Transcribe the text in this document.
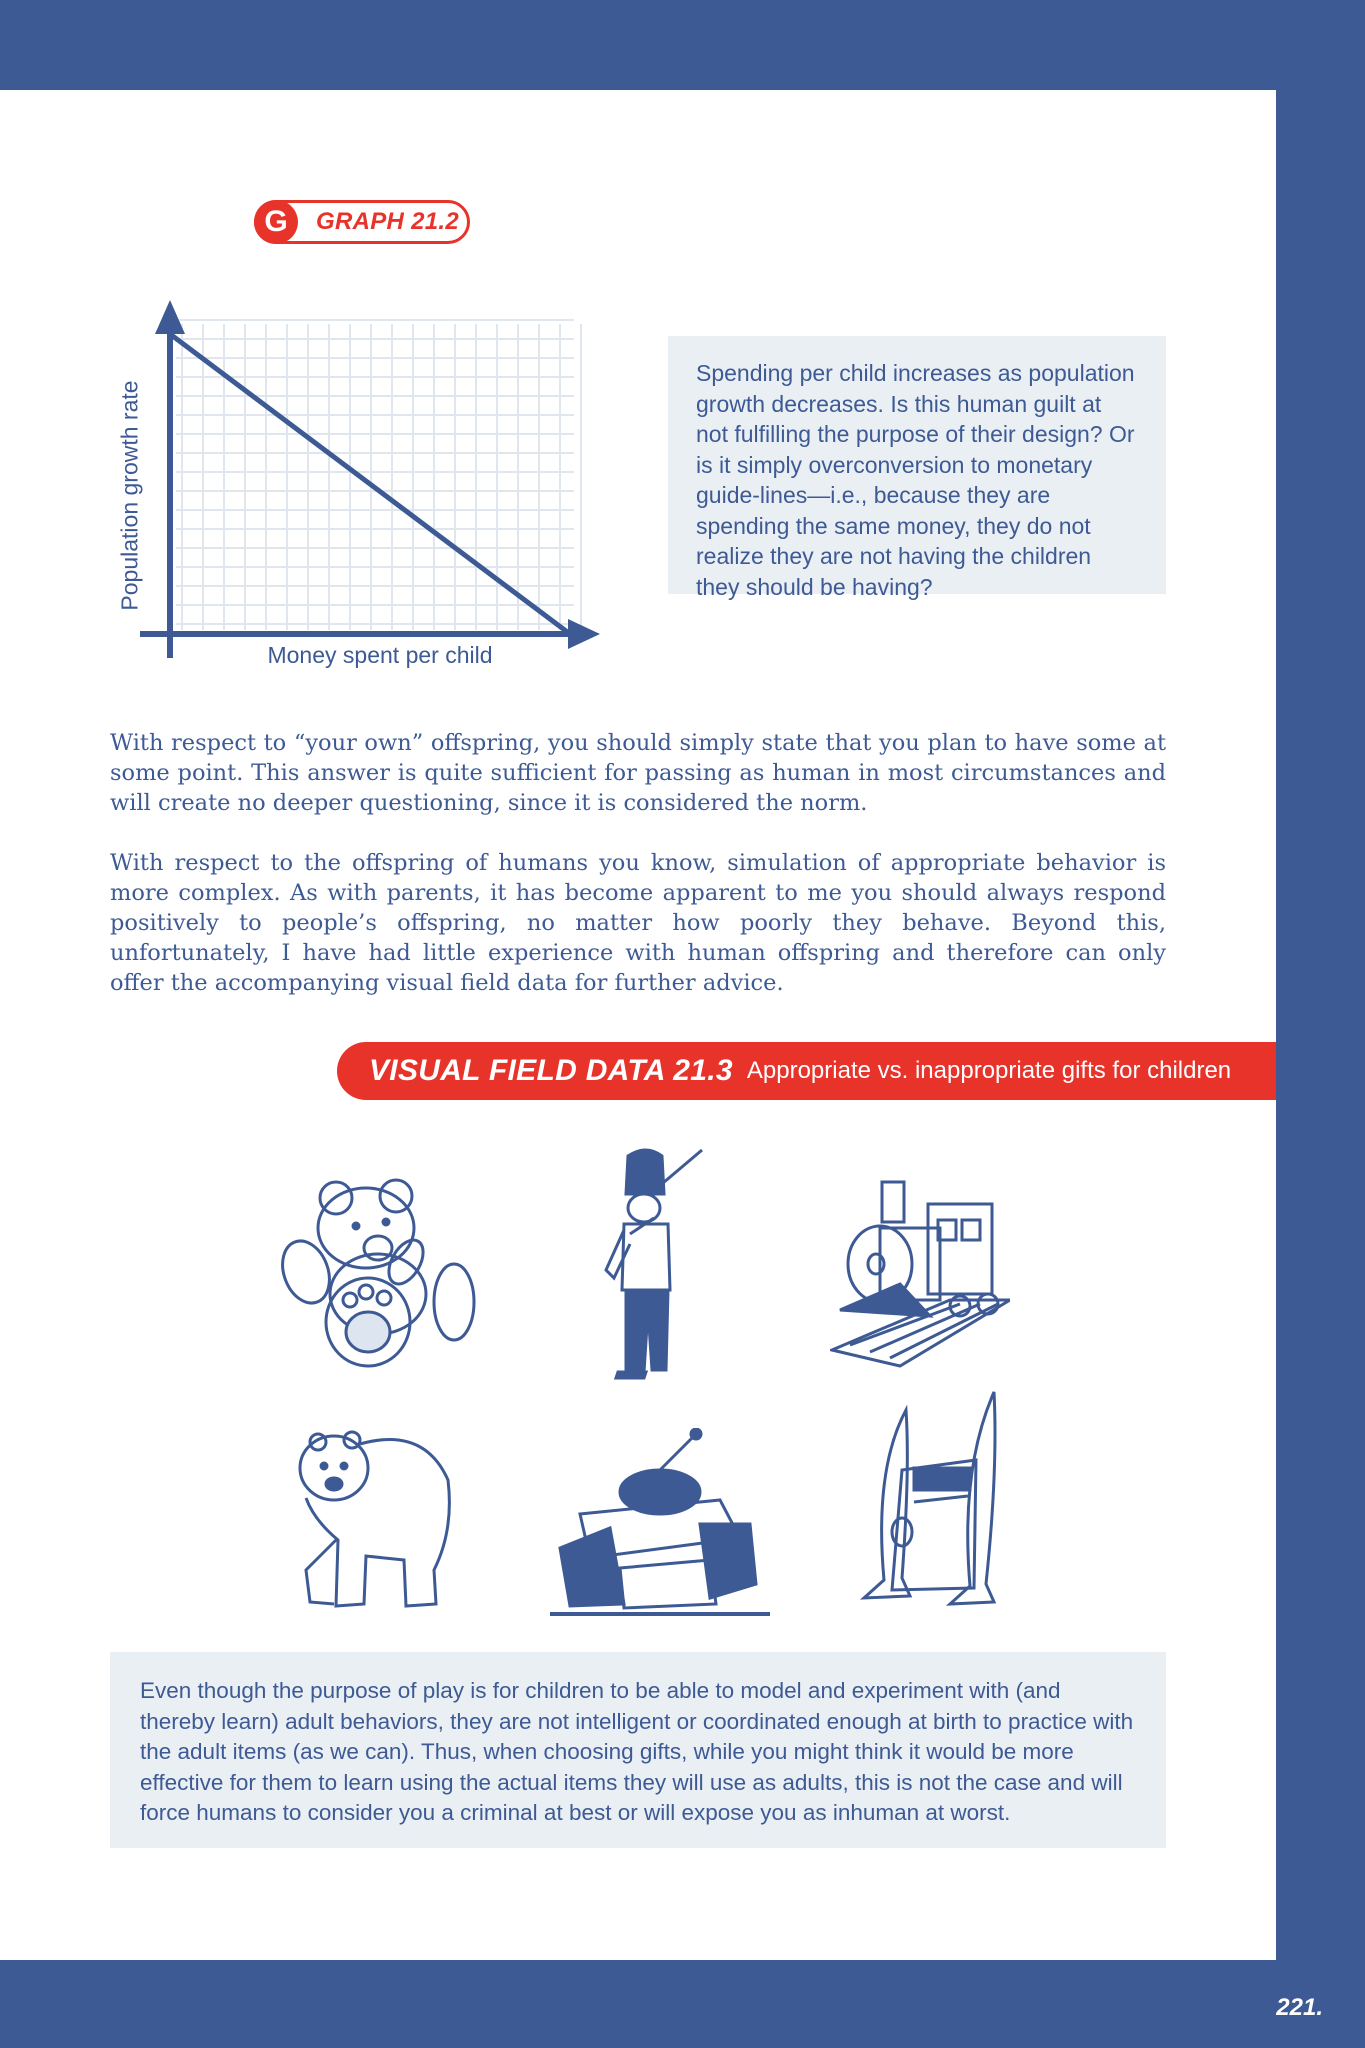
G	GRAPH 21.2
Population growth rate
Money spent per child
Spending per child increases as population growth decreases. Is this human guilt at not fulfilling the purpose of their design? Or is it simply overconversion to monetary guide-lines—i.e., because they are spending the same money, they do not realize they are not having the children they should be having?

With respect to “your own” offspring, you should simply state that you plan to have some at some point. This answer is quite sufficient for passing as human in most circumstances and will create no deeper questioning, since it is considered the norm.

With respect to the offspring of humans you know, simulation of appropriate behavior is more complex. As with parents, it has become apparent to me you should always respond positively to people’s offspring, no matter how poorly they behave. Beyond this, unfortunately, I have had little experience with human offspring and therefore can only offer the accompanying visual field data for further advice.

VISUAL FIELD DATA 21.3 Appropriate vs. inappropriate gifts for children
Even though the purpose of play is for children to be able to model and experiment with (and thereby learn) adult behaviors, they are not intelligent or coordinated enough at birth to practice with the adult items (as we can). Thus, when choosing gifts, while you might think it would be more effective for them to learn using the actual items they will use as adults, this is not the case and will force humans to consider you a criminal at best or will expose you as inhuman at worst.
221.
